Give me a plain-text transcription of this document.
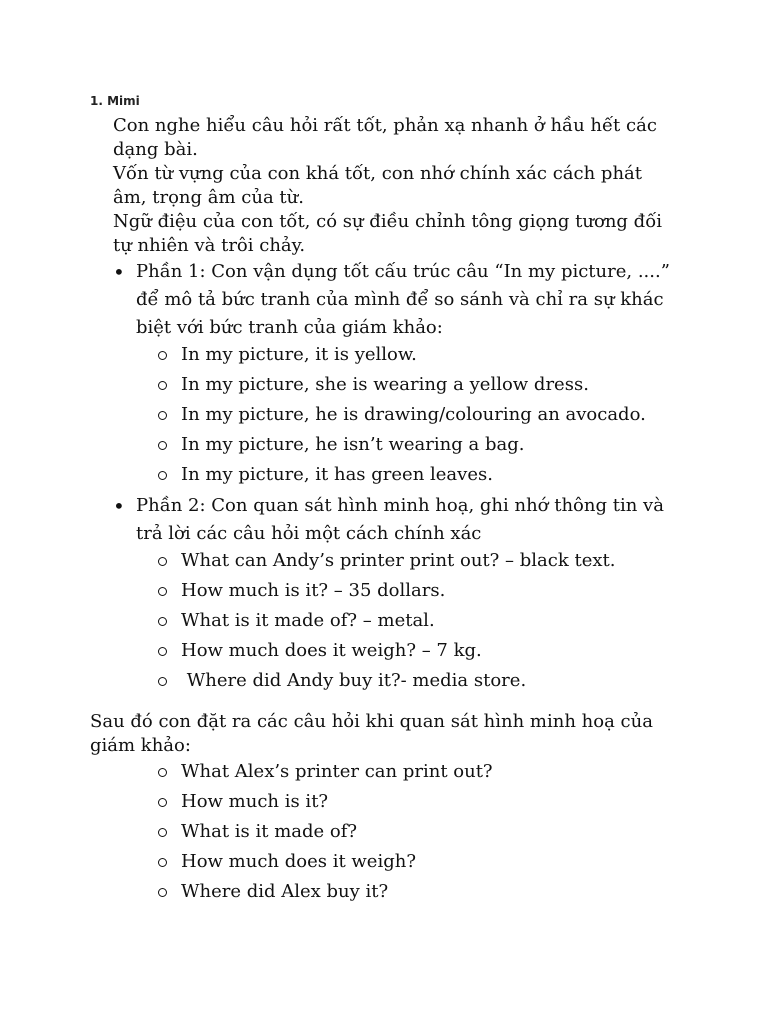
1. Mimi

Con nghe hiểu câu hỏi rất tốt, phản xạ nhanh ở hầu hết các dạng bài.

Vốn từ vựng của con khá tốt, con nhớ chính xác cách phát âm, trọng âm của từ.

Ngữ điệu của con tốt, có sự điều chỉnh tông giọng tương đối tự nhiên và trôi chảy.

• Phần 1: Con vận dụng tốt cấu trúc câu “In my picture, ....” để mô tả bức tranh của mình để so sánh và chỉ ra sự khác biệt với bức tranh của giám khảo:
In my picture, it is yellow.
In my picture, she is wearing a yellow dress.
In my picture, he is drawing/colouring an avocado.
In my picture, he isn’t wearing a bag.
In my picture, it has green leaves.
• Phần 2: Con quan sát hình minh hoạ, ghi nhớ thông tin và trả lời các câu hỏi một cách chính xác
What can Andy’s printer print out? – black text.
How much is it? – 35 dollars.
What is it made of? – metal.
How much does it weigh? – 7 kg.
Where did Andy buy it?- media store.
Sau đó con đặt ra các câu hỏi khi quan sát hình minh hoạ của giám khảo:
What Alex’s printer can print out?
How much is it?
What is it made of?
How much does it weigh?
Where did Alex buy it?
